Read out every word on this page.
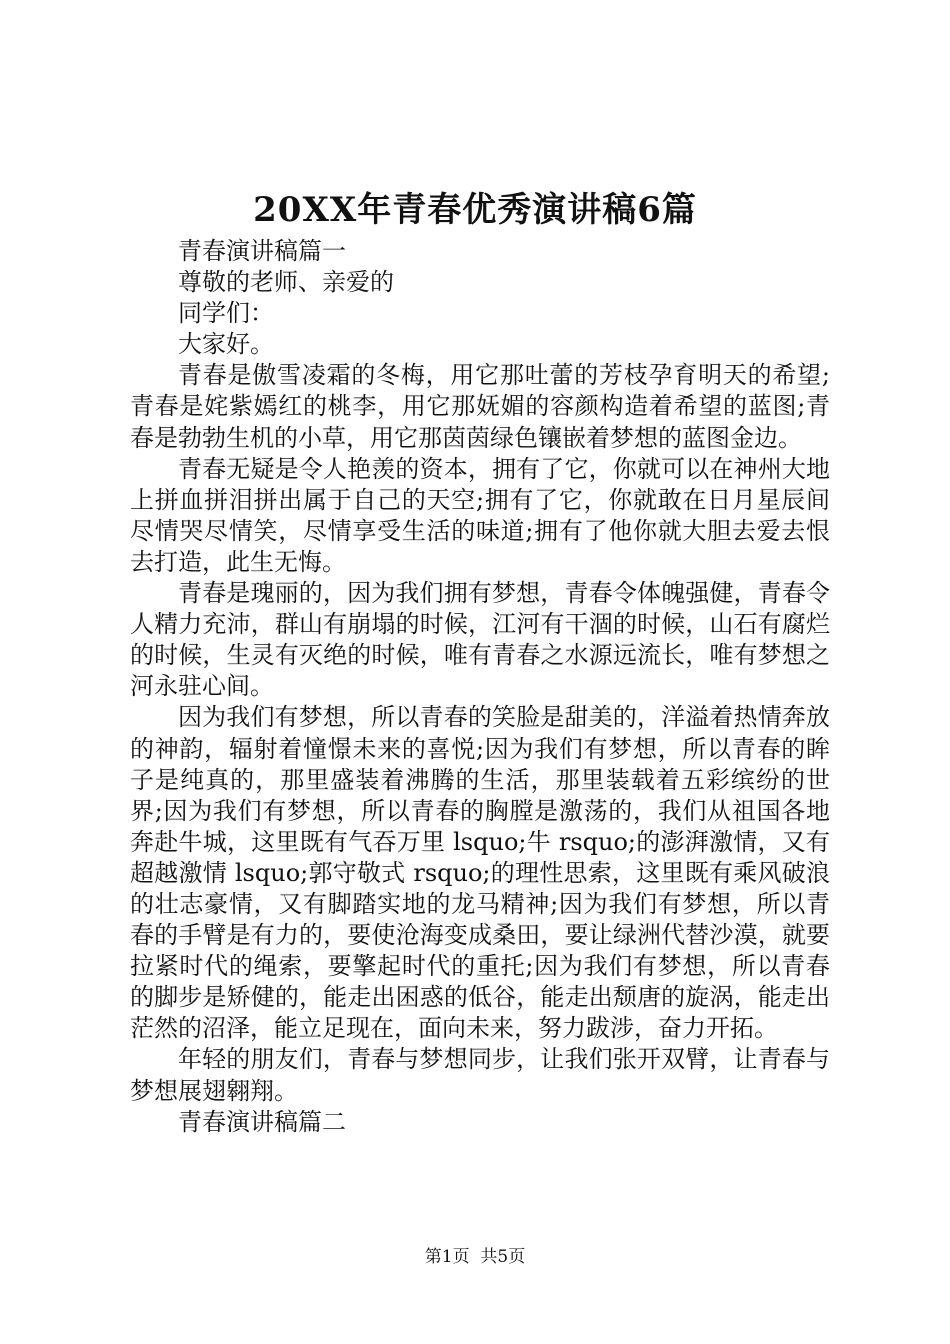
20XX年青春优秀演讲稿6篇

青春演讲稿篇一

尊敬的老师、亲爱的

同学们：

大家好。

青春是傲雪凌霜的冬梅，用它那吐蕾的芳枝孕育明天的希望;青春是姹紫嫣红的桃李，用它那妩媚的容颜构造着希望的蓝图;青春是勃勃生机的小草，用它那茵茵绿色镶嵌着梦想的蓝图金边。

青春无疑是令人艳羡的资本，拥有了它，你就可以在神州大地上拼血拼泪拼出属于自己的天空;拥有了它，你就敢在日月星辰间尽情哭尽情笑，尽情享受生活的味道;拥有了他你就大胆去爱去恨去打造，此生无悔。

青春是瑰丽的，因为我们拥有梦想，青春令体魄强健，青春令人精力充沛，群山有崩塌的时候，江河有干涸的时候，山石有腐烂的时候，生灵有灭绝的时候，唯有青春之水源远流长，唯有梦想之河永驻心间。

因为我们有梦想，所以青春的笑脸是甜美的，洋溢着热情奔放的神韵，辐射着憧憬未来的喜悦;因为我们有梦想，所以青春的眸子是纯真的，那里盛装着沸腾的生活，那里装载着五彩缤纷的世界;因为我们有梦想，所以青春的胸膛是激荡的，我们从祖国各地奔赴牛城，这里既有气吞万里 lsquo;牛 rsquo;的澎湃激情，又有超越激情 lsquo;郭守敬式 rsquo;的理性思索，这里既有乘风破浪的壮志豪情，又有脚踏实地的龙马精神;因为我们有梦想，所以青春的手臂是有力的，要使沧海变成桑田，要让绿洲代替沙漠，就要拉紧时代的绳索，要擎起时代的重托;因为我们有梦想，所以青春的脚步是矫健的，能走出困惑的低谷，能走出颓唐的旋涡，能走出茫然的沼泽，能立足现在，面向未来，努力跋涉，奋力开拓。

年轻的朋友们，青春与梦想同步，让我们张开双臂，让青春与梦想展翅翱翔。

青春演讲稿篇二

第1页 共5页
